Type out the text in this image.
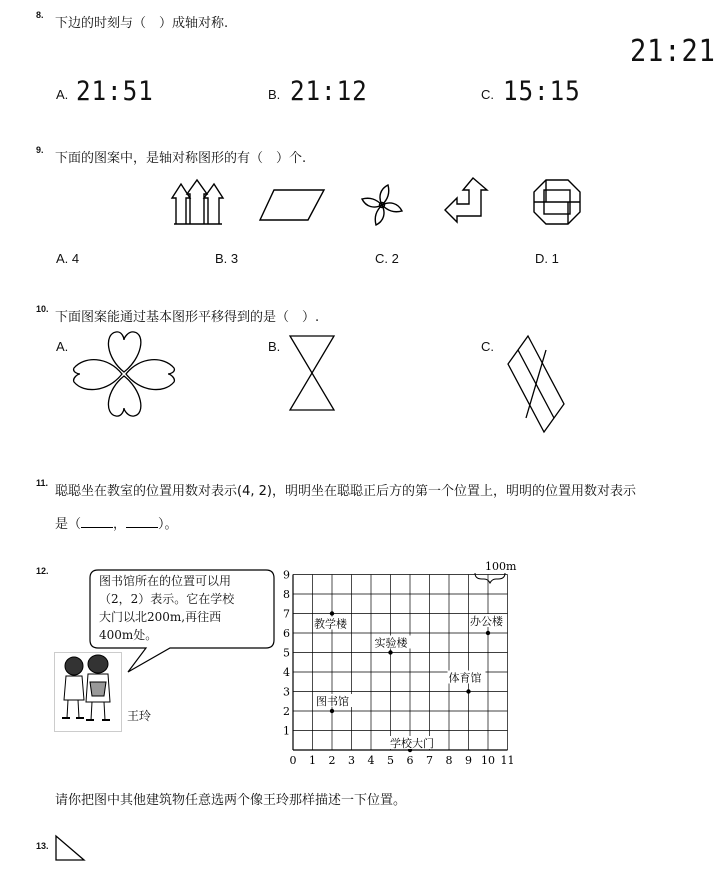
8.
下边的时刻与（　）成轴对称.
21:21
A. 21:51	B. 21:12	C. 15:15
9.
下面的图案中，是轴对称图形的有（　）个.
A. 4	B. 3	C. 2	D. 1
10.
下面图案能通过基本图形平移得到的是（　）.
A.	B.	C.
11.
聪聪坐在教室的位置用数对表示(4, 2)，明明坐在聪聪正后方的第一个位置上，明明的位置用数对表示
是（ ， ）。
12.
图书馆所在的位置可以用
（2，2）表示。它在学校
大门以北200m,再往西
400m处。
王玲
0 1 2 3 4 5 6 7 8 9 10 11
1
2
3
4
5
6
7
8
9
教学楼
实验楼
办公楼
体育馆
图书馆
学校大门
100m
请你把图中其他建筑物任意选两个像王玲那样描述一下位置。
13.
